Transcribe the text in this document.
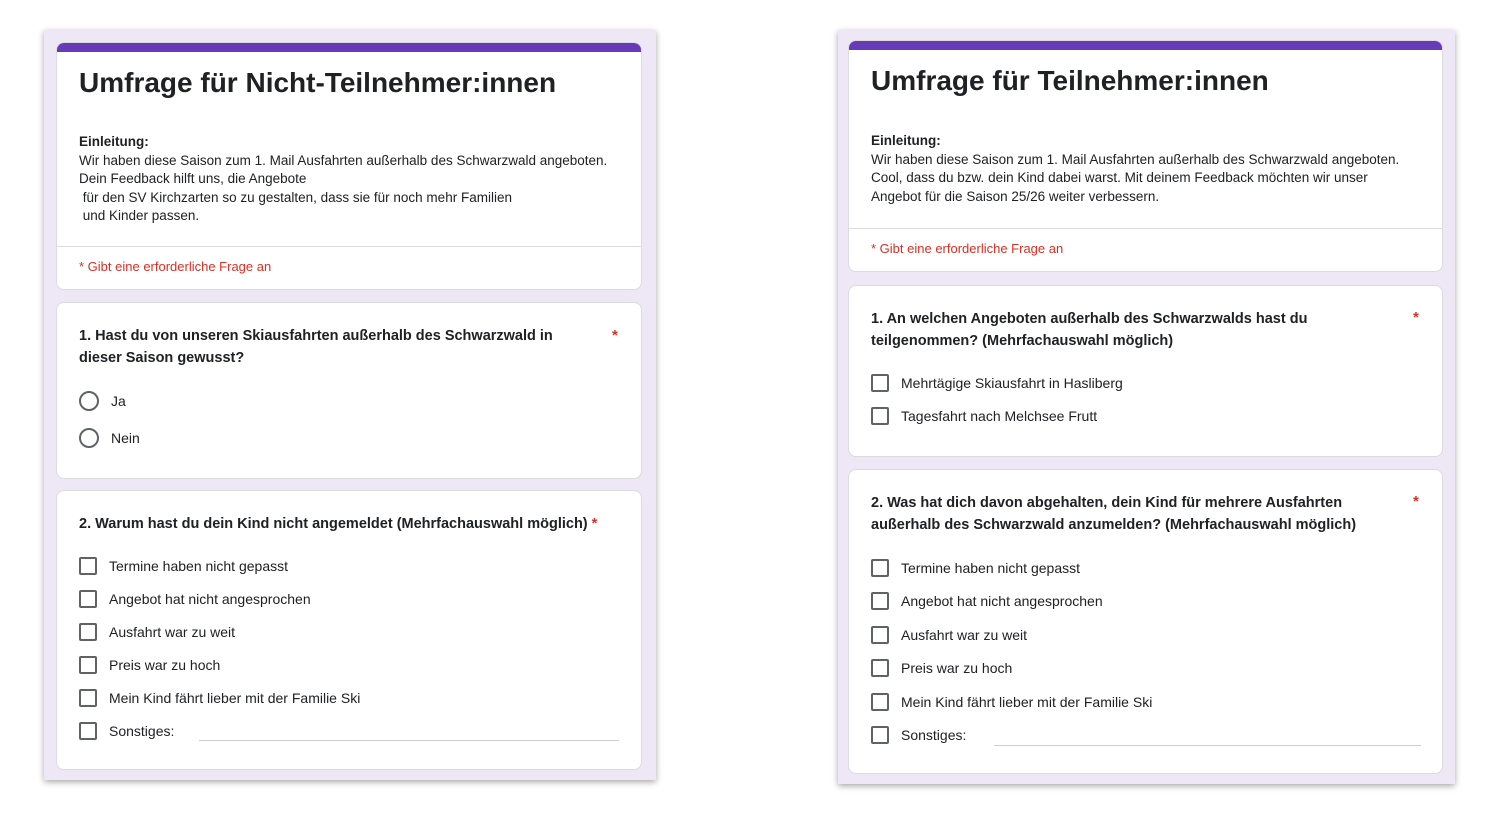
Umfrage für Nicht-Teilnehmer:innen
Einleitung:
Wir haben diese Saison zum 1. Mail Ausfahrten außerhalb des Schwarzwald angeboten.
Dein Feedback hilft uns, die Angebote
für den SV Kirchzarten so zu gestalten, dass sie für noch mehr Familien
und Kinder passen.
* Gibt eine erforderliche Frage an
1. Hast du von unseren Skiausfahrten außerhalb des Schwarzwald in dieser Saison gewusst?
*
Ja
Nein
2. Warum hast du dein Kind nicht angemeldet (Mehrfachauswahl möglich) *
Termine haben nicht gepasst
Angebot hat nicht angesprochen
Ausfahrt war zu weit
Preis war zu hoch
Mein Kind fährt lieber mit der Familie Ski
Sonstiges:
Umfrage für Teilnehmer:innen
Einleitung:
Wir haben diese Saison zum 1. Mail Ausfahrten außerhalb des Schwarzwald angeboten.
Cool, dass du bzw. dein Kind dabei warst. Mit deinem Feedback möchten wir unser
Angebot für die Saison 25/26 weiter verbessern.
* Gibt eine erforderliche Frage an
1. An welchen Angeboten außerhalb des Schwarzwalds hast du teilgenommen? (Mehrfachauswahl möglich)
*
Mehrtägige Skiausfahrt in Hasliberg
Tagesfahrt nach Melchsee Frutt
2. Was hat dich davon abgehalten, dein Kind für mehrere Ausfahrten außerhalb des Schwarzwald anzumelden? (Mehrfachauswahl möglich)
*
Termine haben nicht gepasst
Angebot hat nicht angesprochen
Ausfahrt war zu weit
Preis war zu hoch
Mein Kind fährt lieber mit der Familie Ski
Sonstiges:
